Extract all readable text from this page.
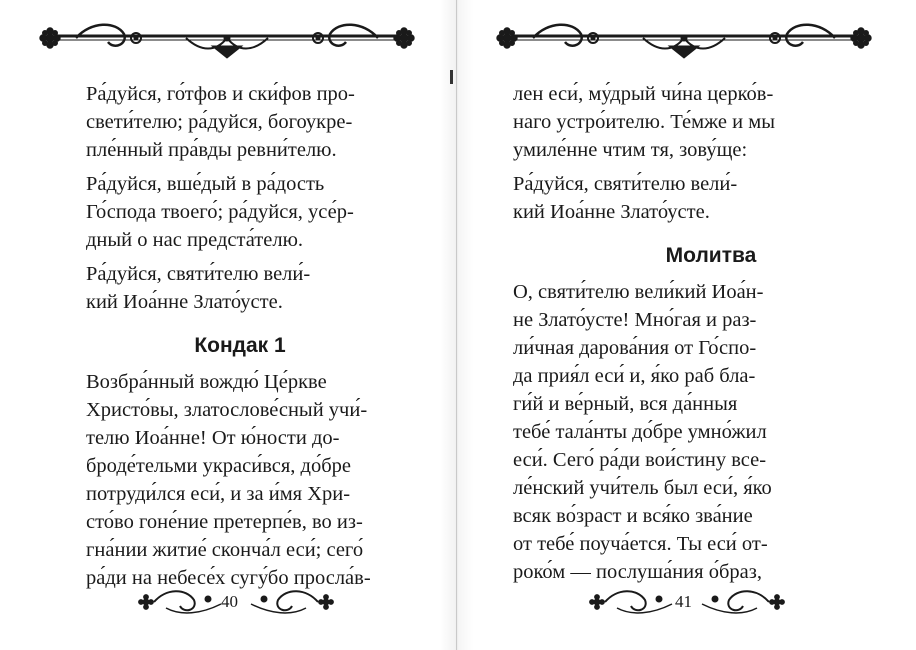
Ра́дуйся, го́тфов и ски́фов про-
свети́телю; ра́дуйся, богоукре-
пле́нный пра́вды ревни́телю.
Ра́дуйся, вше́дый в ра́дость
Го́спода твоего́; ра́дуйся, усе́р-
дный о нас предста́телю.
Ра́дуйся, святи́телю вели́-
кий Иоа́нне Злато́усте.
Кондак 1
Возбра́нный вождю́ Це́ркве
Христо́вы, златослове́сный учи́-
телю Иоа́нне! От ю́ности до-
броде́тельми украси́вся, до́бре
потруди́лся еси́, и за и́мя Хри-
сто́во гоне́ние претерпе́в, во из-
гна́нии житие́ сконча́л еси́; сего́
ра́ди на небесе́х сугу́бо просла́в-
40
лен еси́, му́дрый чи́на церко́в-
наго устро́ителю. Те́мже и мы
умиле́нне чтим тя, зову́ще:
Ра́дуйся, святи́телю вели́-
кий Иоа́нне Злато́усте.
Молитва
О, святи́телю вели́кий Иоа́н-
не Злато́усте! Мно́гая и раз-
ли́чная дарова́ния от Го́спо-
да прия́л еси́ и, я́ко раб бла-
ги́й и ве́рный, вся да́нныя
тебе́ тала́нты до́бре умно́жил
еси́. Сего́ ра́ди вои́стину все-
ле́нский учи́тель был еси́, я́ко
всяк во́зраст и вся́ко зва́ние
от тебе́ поуча́ется. Ты еси́ от-
роко́м — послуша́ния о́браз,
41
